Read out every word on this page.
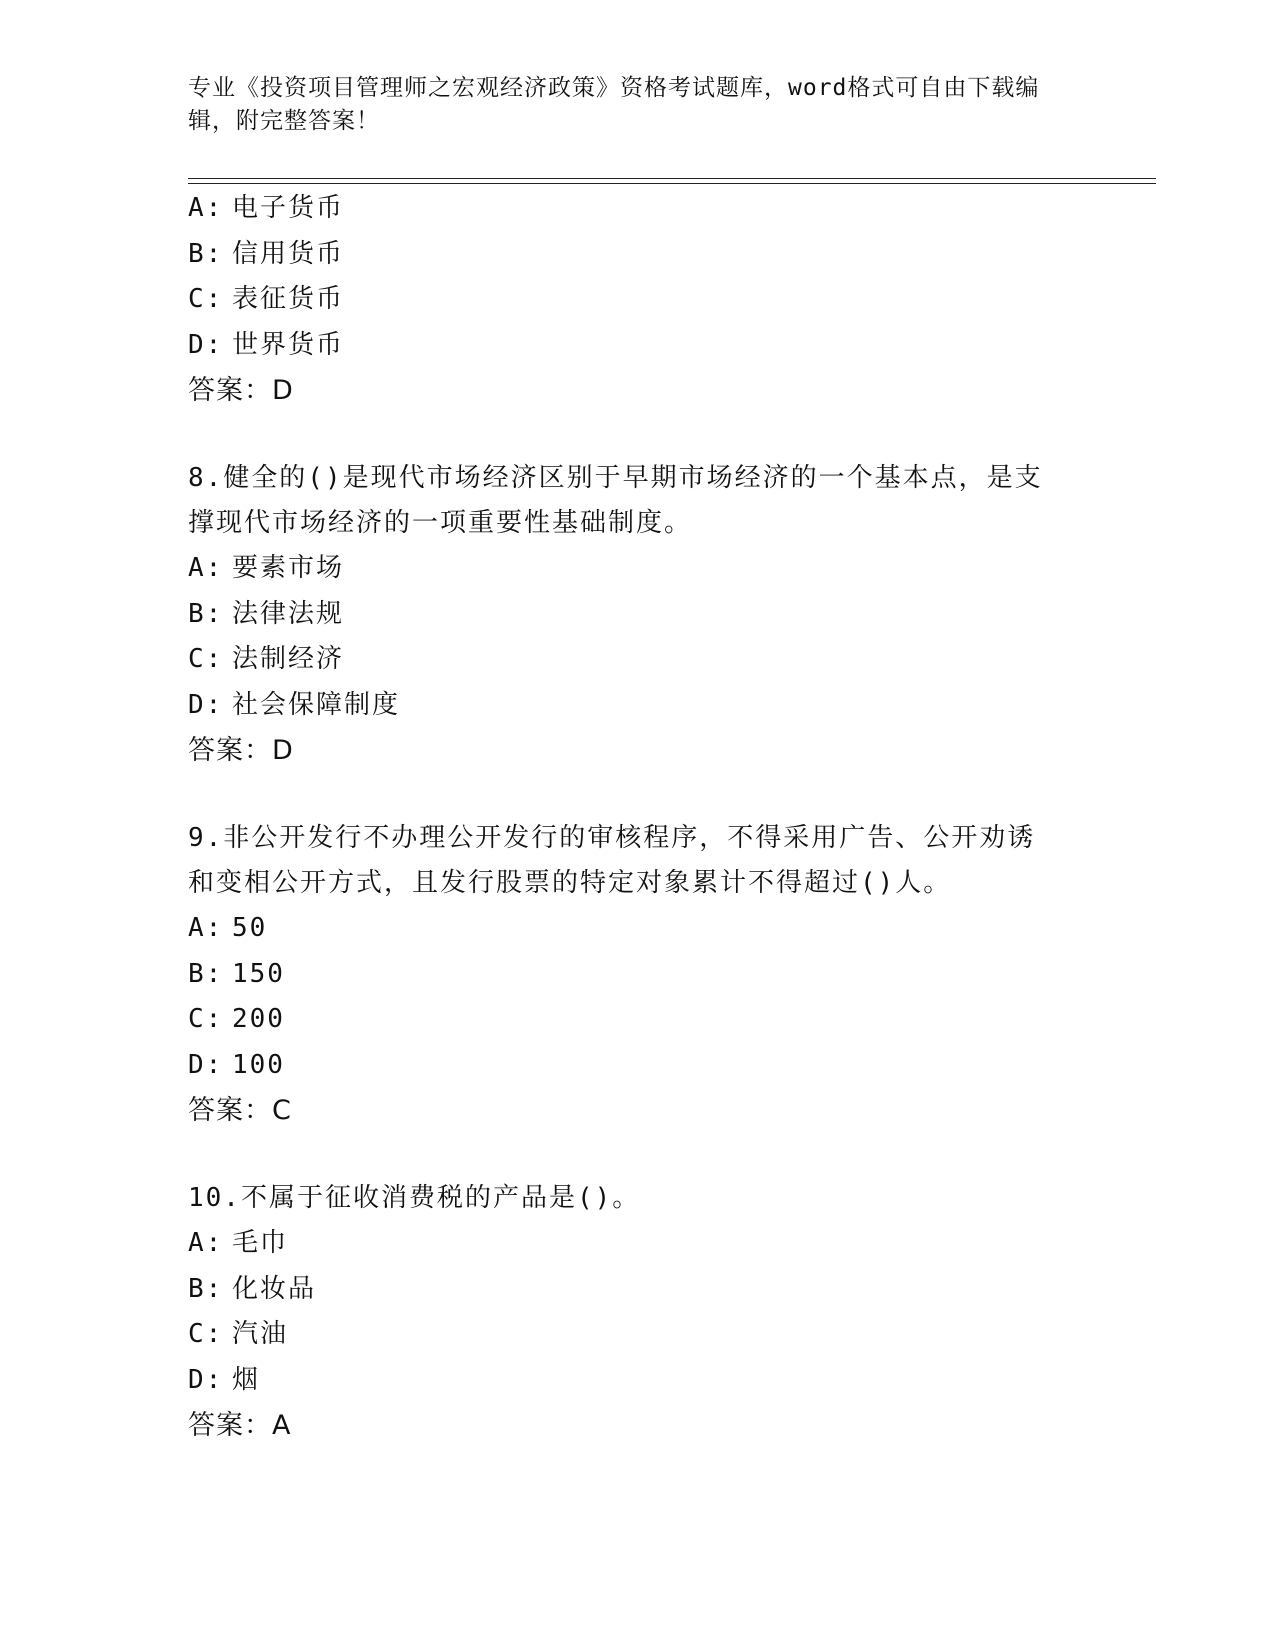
专业《投资项目管理师之宏观经济政策》资格考试题库，word格式可自由下载编
辑，附完整答案！
A: 电子货币
B: 信用货币
C: 表征货币
D: 世界货币
答案：D
8.健全的()是现代市场经济区别于早期市场经济的一个基本点，是支
撑现代市场经济的一项重要性基础制度。
A: 要素市场
B: 法律法规
C: 法制经济
D: 社会保障制度
答案：D
9.非公开发行不办理公开发行的审核程序，不得采用广告、公开劝诱
和变相公开方式，且发行股票的特定对象累计不得超过()人。
A: 50
B: 150
C: 200
D: 100
答案：C
10.不属于征收消费税的产品是()。
A: 毛巾
B: 化妆品
C: 汽油
D: 烟
答案：A
